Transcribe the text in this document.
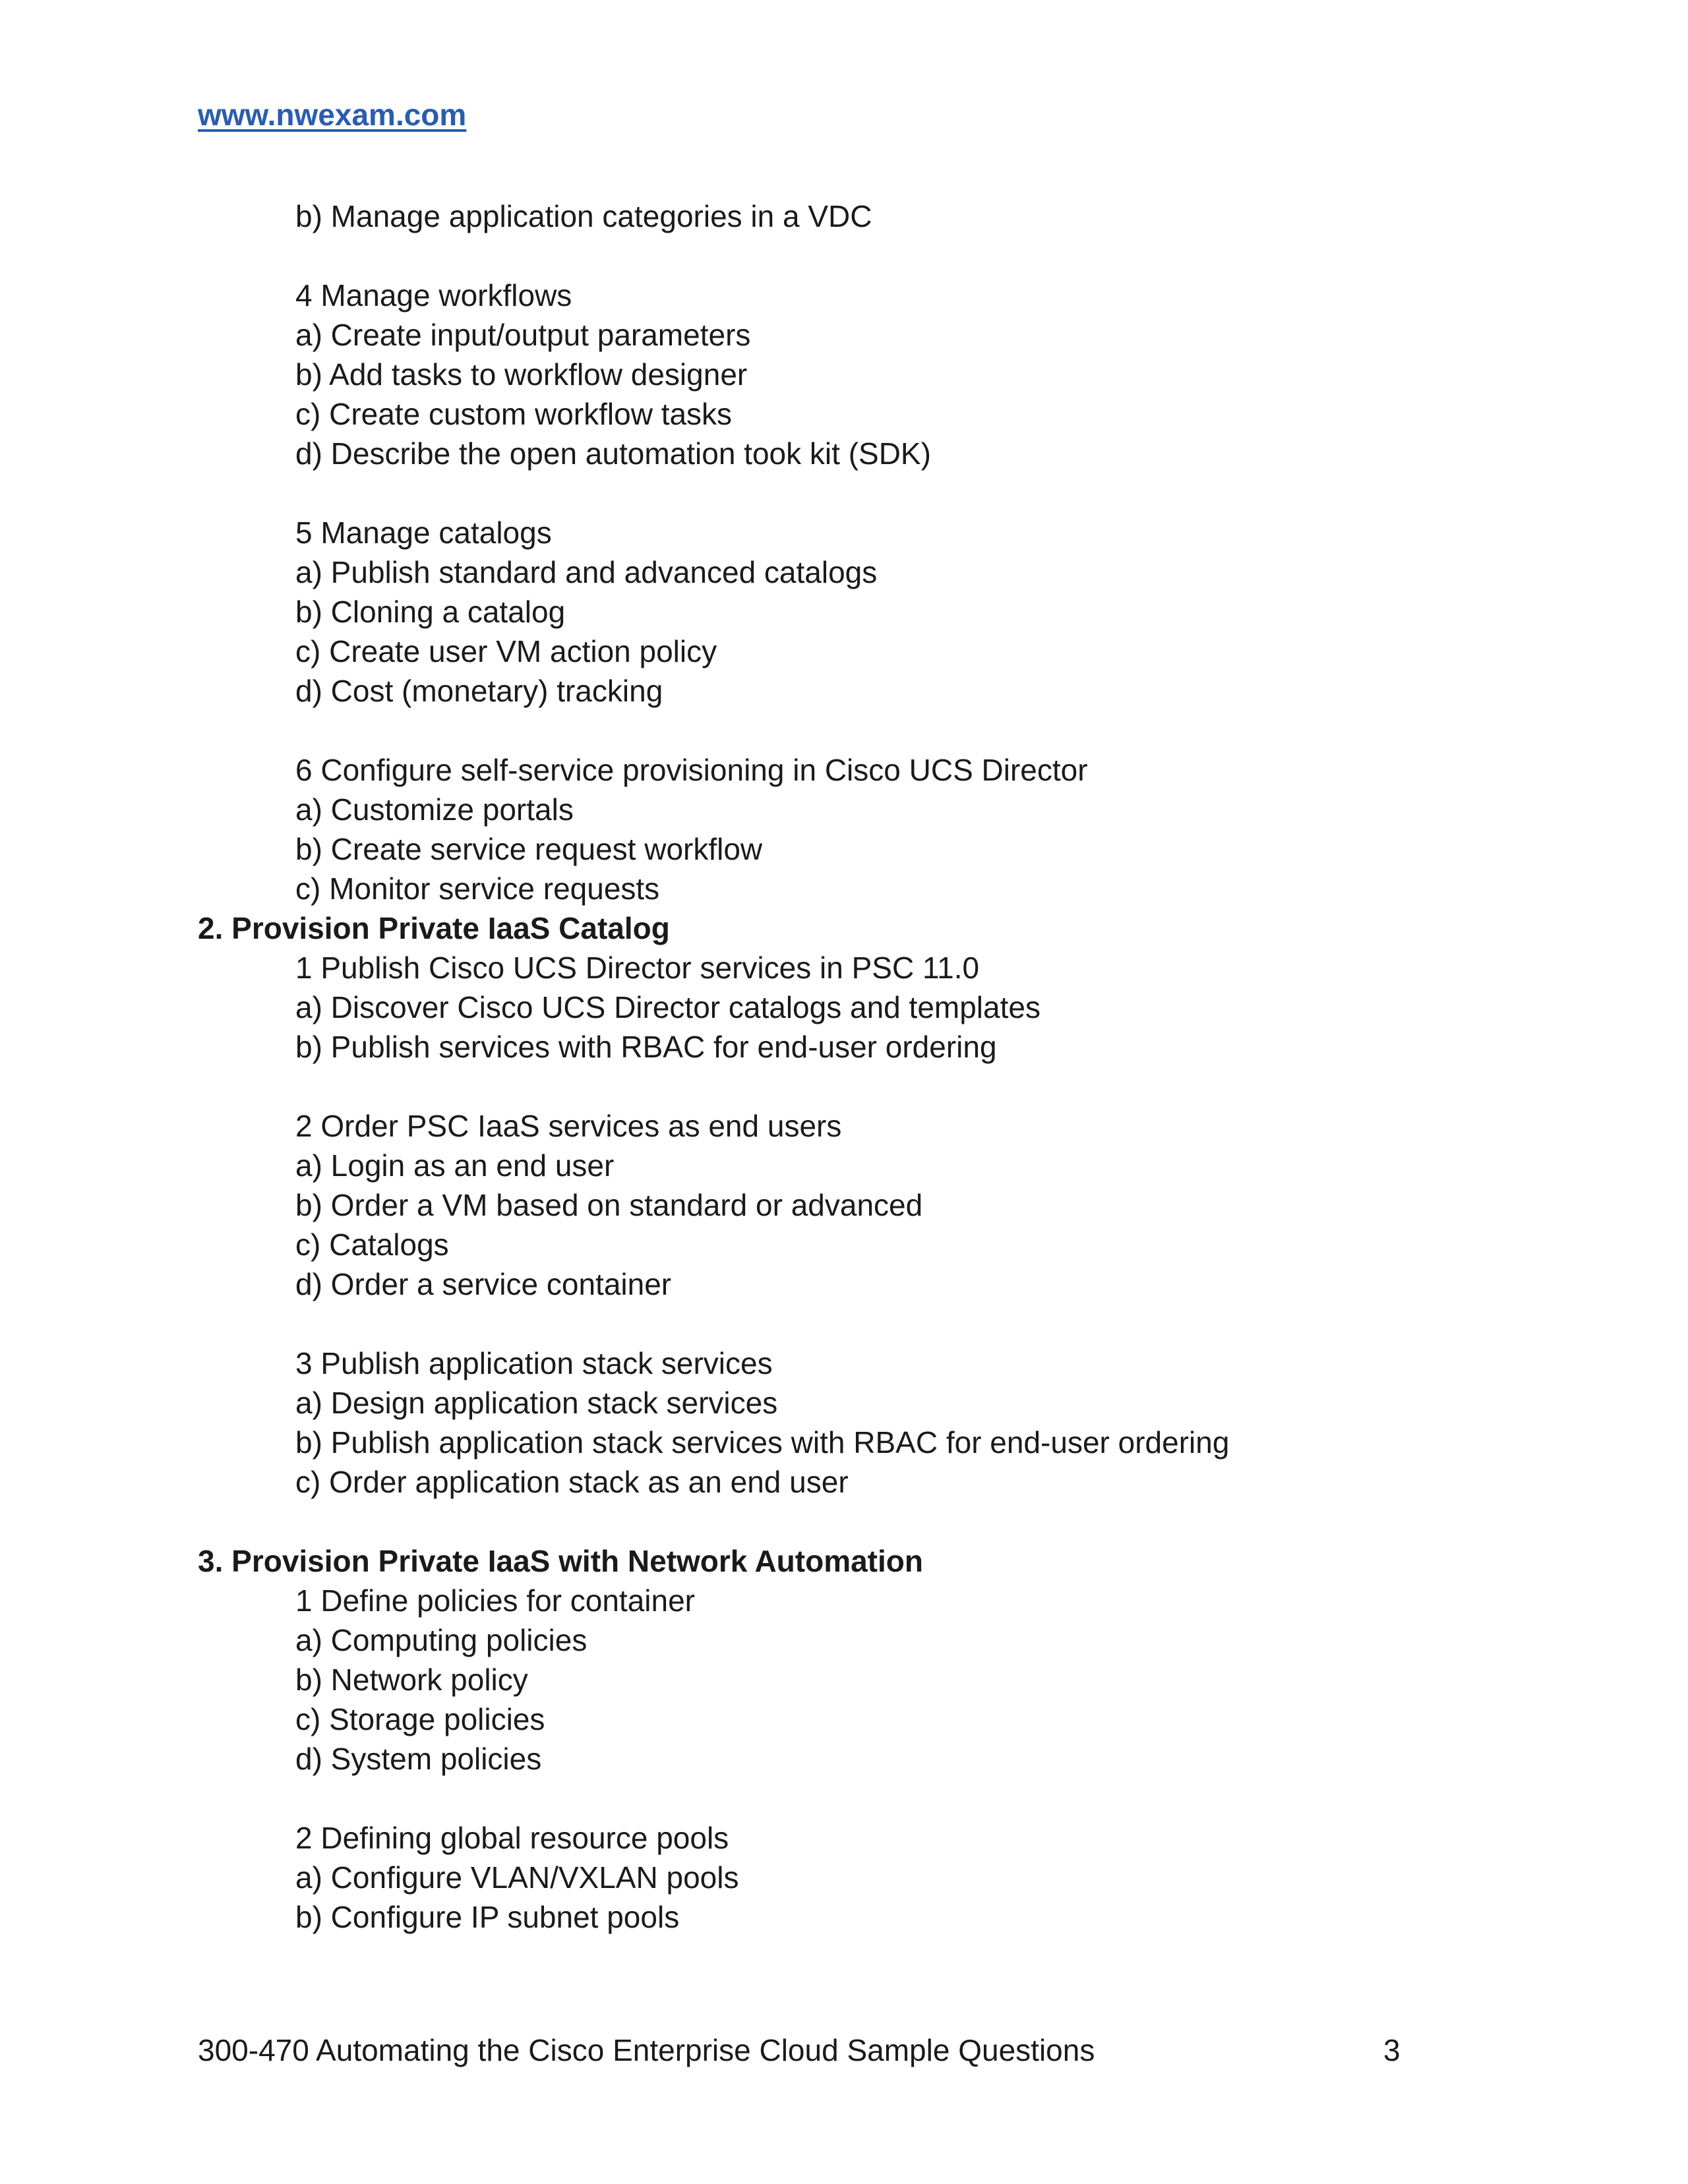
www.nwexam.com
b) Manage application categories in a VDC
4 Manage workflows
a) Create input/output parameters
b) Add tasks to workflow designer
c) Create custom workflow tasks
d) Describe the open automation took kit (SDK)
5 Manage catalogs
a) Publish standard and advanced catalogs
b) Cloning a catalog
c) Create user VM action policy
d) Cost (monetary) tracking
6 Configure self-service provisioning in Cisco UCS Director
a) Customize portals
b) Create service request workflow
c) Monitor service requests
2. Provision Private IaaS Catalog
1 Publish Cisco UCS Director services in PSC 11.0
a) Discover Cisco UCS Director catalogs and templates
b) Publish services with RBAC for end-user ordering
2 Order PSC IaaS services as end users
a) Login as an end user
b) Order a VM based on standard or advanced
c) Catalogs
d) Order a service container
3 Publish application stack services
a) Design application stack services
b) Publish application stack services with RBAC for end-user ordering
c) Order application stack as an end user
3. Provision Private IaaS with Network Automation
1 Define policies for container
a) Computing policies
b) Network policy
c) Storage policies
d) System policies
2 Defining global resource pools
a) Configure VLAN/VXLAN pools
b) Configure IP subnet pools
300-470 Automating the Cisco Enterprise Cloud Sample Questions	3
